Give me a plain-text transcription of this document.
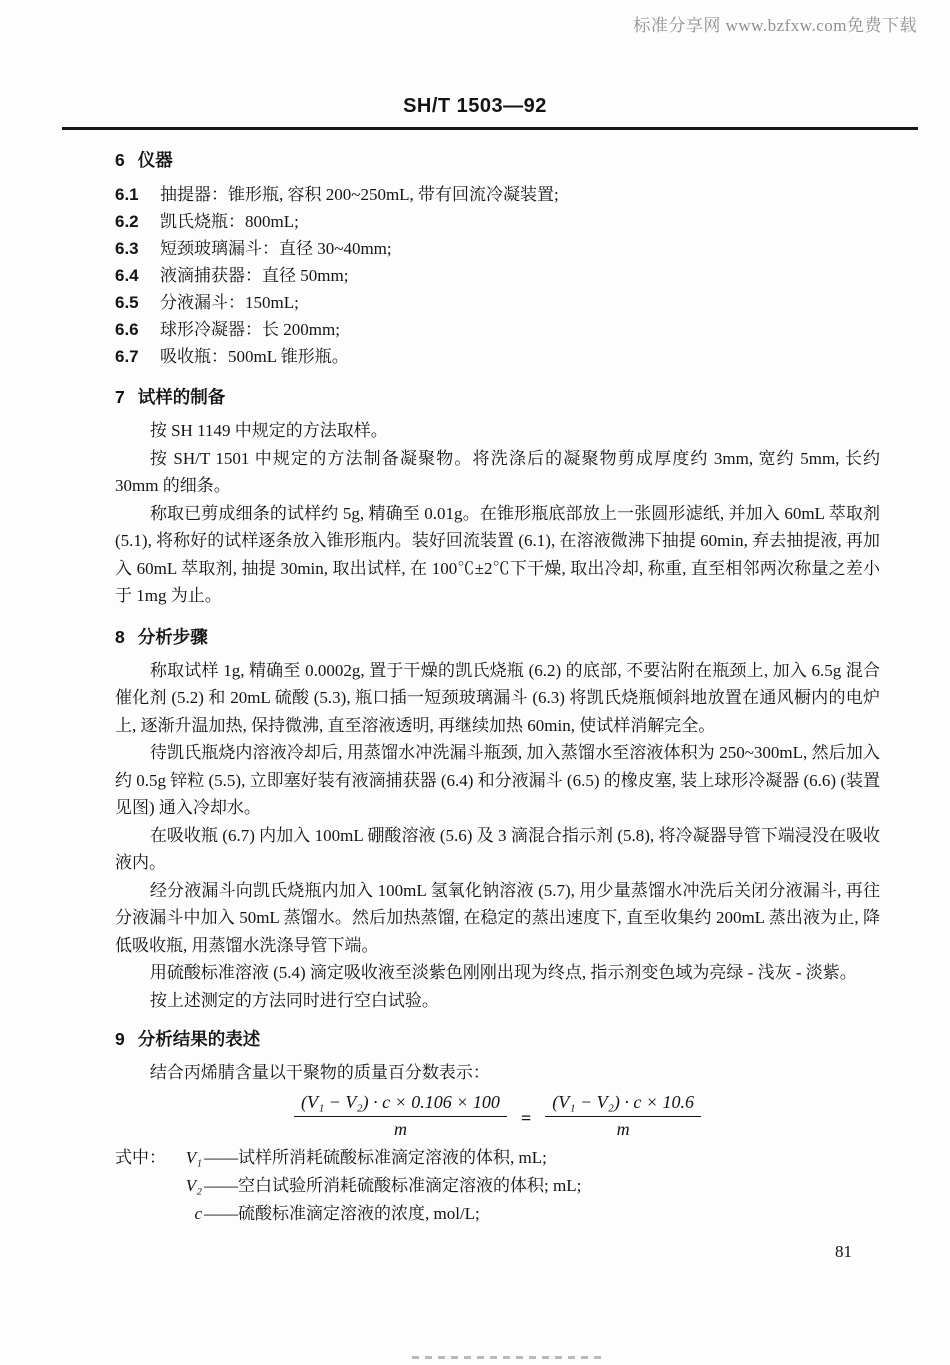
标准分享网 www.bzfxw.com免费下载
SH/T 1503—92
6 仪器
6.1	抽提器：锥形瓶, 容积 200~250mL, 带有回流冷凝装置;
6.2	凯氏烧瓶：800mL;
6.3	短颈玻璃漏斗：直径 30~40mm;
6.4	液滴捕获器：直径 50mm;
6.5	分液漏斗：150mL;
6.6	球形冷凝器：长 200mm;
6.7	吸收瓶：500mL 锥形瓶。
7 试样的制备

按 SH 1149 中规定的方法取样。

按 SH/T 1501 中规定的方法制备凝聚物。将洗涤后的凝聚物剪成厚度约 3mm, 宽约 5mm, 长约 30mm 的细条。

称取已剪成细条的试样约 5g, 精确至 0.01g。在锥形瓶底部放上一张圆形滤纸, 并加入 60mL 萃取剂 (5.1), 将称好的试样逐条放入锥形瓶内。装好回流装置 (6.1), 在溶液微沸下抽提 60min, 弃去抽提液, 再加入 60mL 萃取剂, 抽提 30min, 取出试样, 在 100℃±2℃下干燥, 取出冷却, 称重, 直至相邻两次称量之差小于 1mg 为止。

8 分析步骤

称取试样 1g, 精确至 0.0002g, 置于干燥的凯氏烧瓶 (6.2) 的底部, 不要沾附在瓶颈上, 加入 6.5g 混合催化剂 (5.2) 和 20mL 硫酸 (5.3), 瓶口插一短颈玻璃漏斗 (6.3) 将凯氏烧瓶倾斜地放置在通风橱内的电炉上, 逐渐升温加热, 保持微沸, 直至溶液透明, 再继续加热 60min, 使试样消解完全。

待凯氏瓶烧内溶液冷却后, 用蒸馏水冲洗漏斗瓶颈, 加入蒸馏水至溶液体积为 250~300mL, 然后加入约 0.5g 锌粒 (5.5), 立即塞好装有液滴捕获器 (6.4) 和分液漏斗 (6.5) 的橡皮塞, 装上球形冷凝器 (6.6) (装置见图) 通入冷却水。

在吸收瓶 (6.7) 内加入 100mL 硼酸溶液 (5.6) 及 3 滴混合指示剂 (5.8), 将冷凝器导管下端浸没在吸收液内。

经分液漏斗向凯氏烧瓶内加入 100mL 氢氧化钠溶液 (5.7), 用少量蒸馏水冲洗后关闭分液漏斗, 再往分液漏斗中加入 50mL 蒸馏水。然后加热蒸馏, 在稳定的蒸出速度下, 直至收集约 200mL 蒸出液为止, 降低吸收瓶, 用蒸馏水洗涤导管下端。

用硫酸标准溶液 (5.4) 滴定吸收液至淡紫色刚刚出现为终点, 指示剂变色域为亮绿 - 浅灰 - 淡紫。

按上述测定的方法同时进行空白试验。

9 分析结果的表述

结合丙烯腈含量以干聚物的质量百分数表示：

$\frac{\text{(V₁ − V₂) · c × 0.106 × 100}}{m} = \frac{\text{(V₁ − V₂) · c × 10.6}}{m}$
式中：	V₁ ——试样所消耗硫酸标准滴定溶液的体积, mL;
V₂ ——空白试验所消耗硫酸标准滴定溶液的体积; mL;
c ——硫酸标准滴定溶液的浓度, mol/L;
81
